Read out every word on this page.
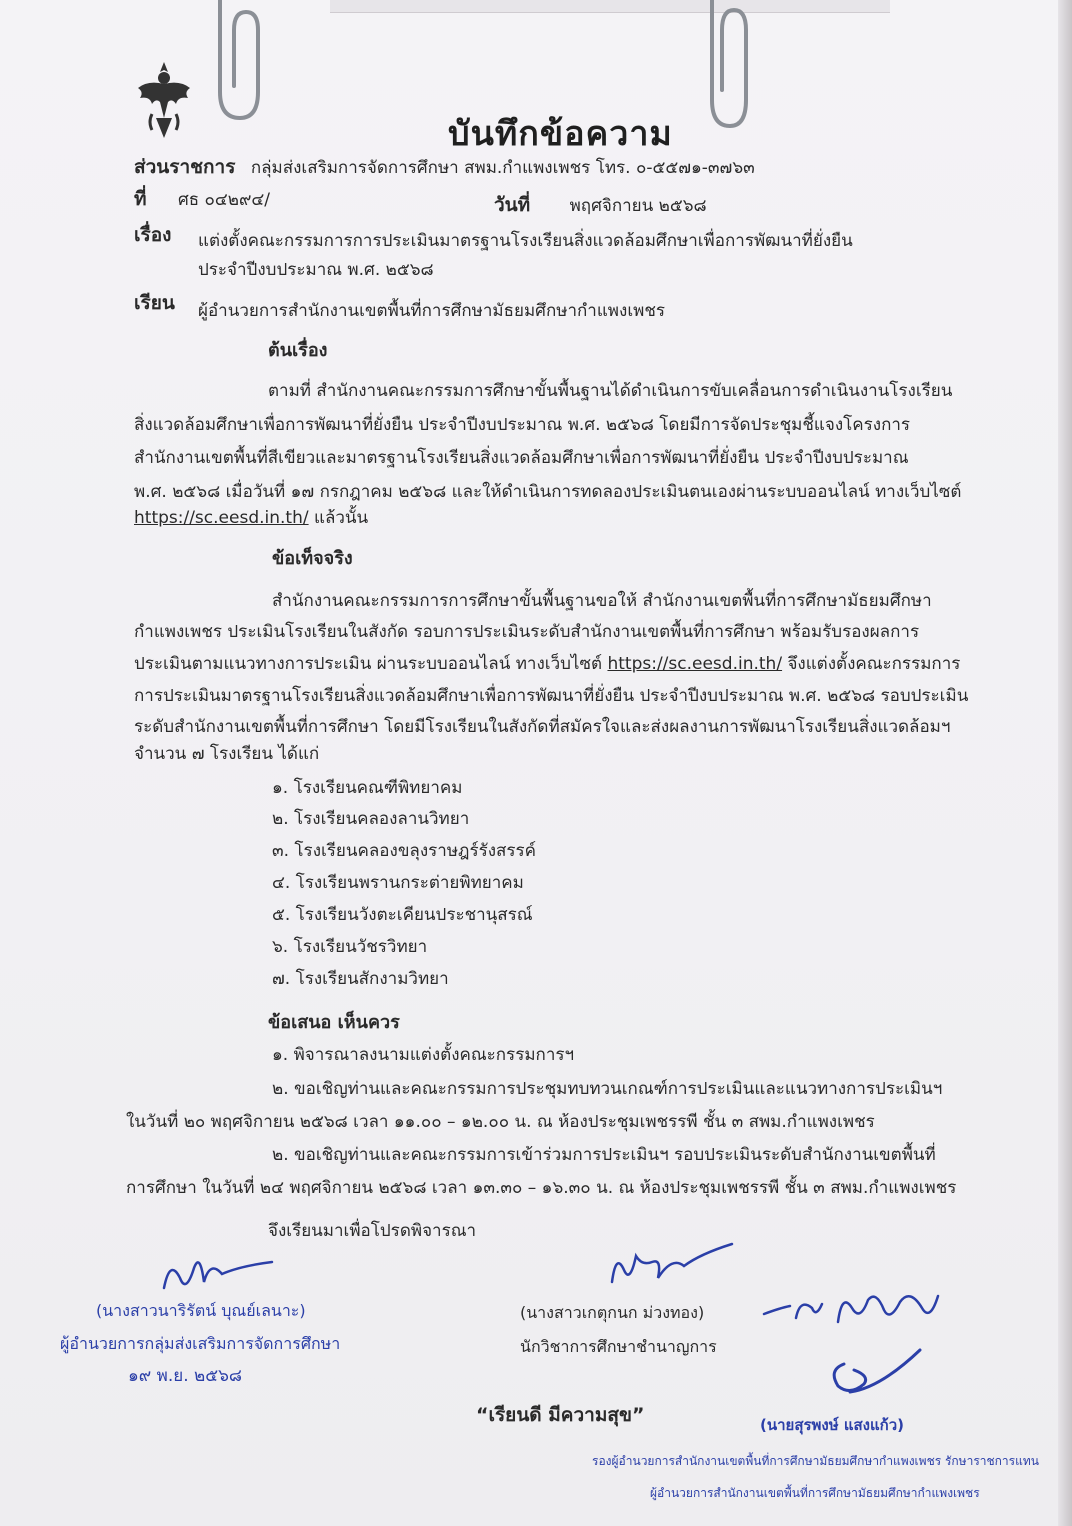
บันทึกข้อความ
ส่วนราชการ กลุ่มส่งเสริมการจัดการศึกษา สพม.กำแพงเพชร โทร. ๐-๕๕๗๑-๓๗๖๓
ที่ ศธ ๐๔๒๙๔/	วันที่ พฤศจิกายน ๒๕๖๘
เรื่อง แต่งตั้งคณะกรรมการการประเมินมาตรฐานโรงเรียนสิ่งแวดล้อมศึกษาเพื่อการพัฒนาที่ยั่งยืน
ประจำปีงบประมาณ พ.ศ. ๒๕๖๘
เรียน ผู้อำนวยการสำนักงานเขตพื้นที่การศึกษามัธยมศึกษากำแพงเพชร
ต้นเรื่อง
ตามที่ สำนักงานคณะกรรมการศึกษาขั้นพื้นฐานได้ดำเนินการขับเคลื่อนการดำเนินงานโรงเรียน
สิ่งแวดล้อมศึกษาเพื่อการพัฒนาที่ยั่งยืน ประจำปีงบประมาณ พ.ศ. ๒๕๖๘ โดยมีการจัดประชุมชี้แจงโครงการ
สำนักงานเขตพื้นที่สีเขียวและมาตรฐานโรงเรียนสิ่งแวดล้อมศึกษาเพื่อการพัฒนาที่ยั่งยืน ประจำปีงบประมาณ
พ.ศ. ๒๕๖๘ เมื่อวันที่ ๑๗ กรกฎาคม ๒๕๖๘ และให้ดำเนินการทดลองประเมินตนเองผ่านระบบออนไลน์ ทางเว็บไซต์
https://sc.eesd.in.th/ แล้วนั้น
ข้อเท็จจริง
สำนักงานคณะกรรมการการศึกษาขั้นพื้นฐานขอให้ สำนักงานเขตพื้นที่การศึกษามัธยมศึกษา
กำแพงเพชร ประเมินโรงเรียนในสังกัด รอบการประเมินระดับสำนักงานเขตพื้นที่การศึกษา พร้อมรับรองผลการ
ประเมินตามแนวทางการประเมิน ผ่านระบบออนไลน์ ทางเว็บไซต์ https://sc.eesd.in.th/ จึงแต่งตั้งคณะกรรมการ
การประเมินมาตรฐานโรงเรียนสิ่งแวดล้อมศึกษาเพื่อการพัฒนาที่ยั่งยืน ประจำปีงบประมาณ พ.ศ. ๒๕๖๘ รอบประเมิน
ระดับสำนักงานเขตพื้นที่การศึกษา โดยมีโรงเรียนในสังกัดที่สมัครใจและส่งผลงานการพัฒนาโรงเรียนสิ่งแวดล้อมฯ
จำนวน ๗ โรงเรียน ได้แก่
๑. โรงเรียนคณฑีพิทยาคม
๒. โรงเรียนคลองลานวิทยา
๓. โรงเรียนคลองขลุงราษฎร์รังสรรค์
๔. โรงเรียนพรานกระต่ายพิทยาคม
๕. โรงเรียนวังตะเคียนประชานุสรณ์
๖. โรงเรียนวัชรวิทยา
๗. โรงเรียนสักงามวิทยา
ข้อเสนอ เห็นควร
๑. พิจารณาลงนามแต่งตั้งคณะกรรมการฯ
๒. ขอเชิญท่านและคณะกรรมการประชุมทบทวนเกณฑ์การประเมินและแนวทางการประเมินฯ
ในวันที่ ๒๐ พฤศจิกายน ๒๕๖๘ เวลา ๑๑.๐๐ – ๑๒.๐๐ น. ณ ห้องประชุมเพชรรพี ชั้น ๓ สพม.กำแพงเพชร
๒. ขอเชิญท่านและคณะกรรมการเข้าร่วมการประเมินฯ รอบประเมินระดับสำนักงานเขตพื้นที่
การศึกษา ในวันที่ ๒๔ พฤศจิกายน ๒๕๖๘ เวลา ๑๓.๓๐ – ๑๖.๓๐ น. ณ ห้องประชุมเพชรรพี ชั้น ๓ สพม.กำแพงเพชร
จึงเรียนมาเพื่อโปรดพิจารณา
(นางสาวนาริรัตน์ บุณย์เลนาะ)
ผู้อำนวยการกลุ่มส่งเสริมการจัดการศึกษา
๑๙ พ.ย. ๒๕๖๘
(นางสาวเกตุกนก ม่วงทอง)
นักวิชาการศึกษาชำนาญการ
(นายสุรพงษ์ แสงแก้ว)
รองผู้อำนวยการสำนักงานเขตพื้นที่การศึกษามัธยมศึกษากำแพงเพชร รักษาราชการแทน
ผู้อำนวยการสำนักงานเขตพื้นที่การศึกษามัธยมศึกษากำแพงเพชร
“เรียนดี มีความสุข”
